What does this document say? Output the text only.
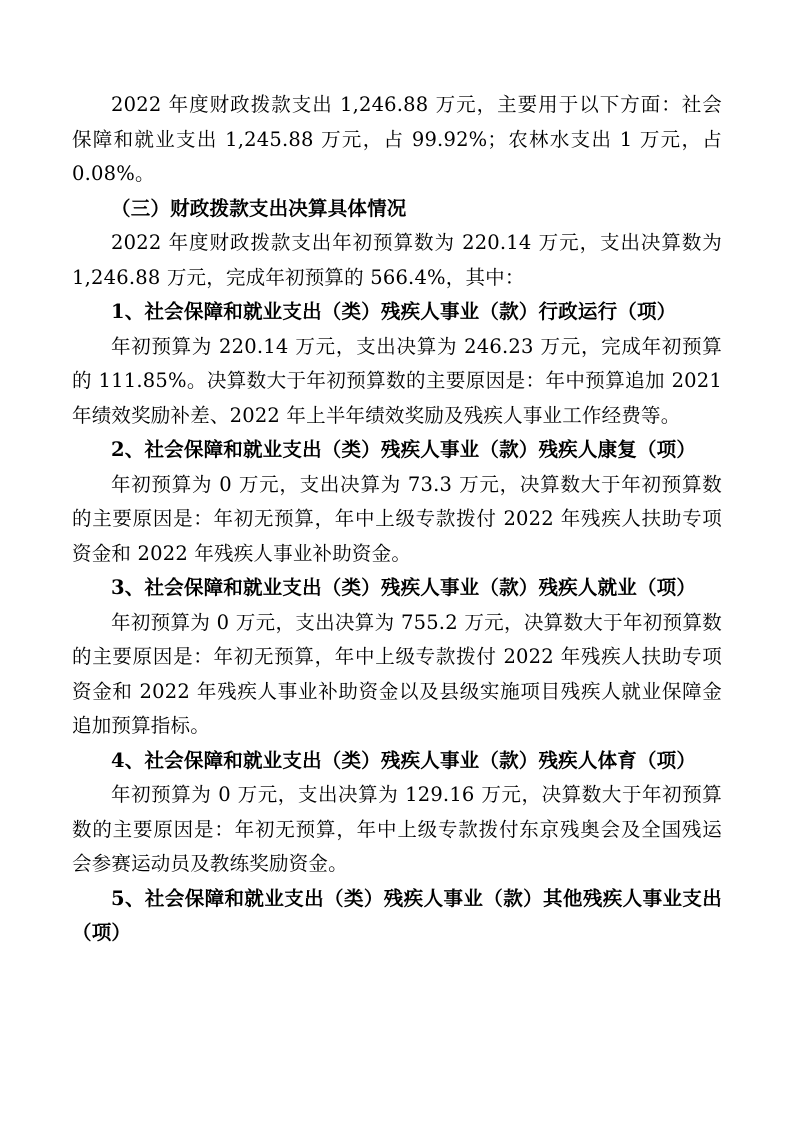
2022 年度财政拨款支出 1,246.88 万元，主要用于以下方面：社会保障和就业支出 1,245.88 万元，占 99.92%；农林水支出 1 万元，占 0.08%。

（三）财政拨款支出决算具体情况

2022 年度财政拨款支出年初预算数为 220.14 万元，支出决算数为 1,246.88 万元，完成年初预算的 566.4%，其中：

1、社会保障和就业支出（类）残疾人事业（款）行政运行（项）

年初预算为 220.14 万元，支出决算为 246.23 万元，完成年初预算的 111.85%。决算数大于年初预算数的主要原因是：年中预算追加 2021 年绩效奖励补差、2022 年上半年绩效奖励及残疾人事业工作经费等。

2、社会保障和就业支出（类）残疾人事业（款）残疾人康复（项）

年初预算为 0 万元，支出决算为 73.3 万元，决算数大于年初预算数的主要原因是：年初无预算，年中上级专款拨付 2022 年残疾人扶助专项资金和 2022 年残疾人事业补助资金。

3、社会保障和就业支出（类）残疾人事业（款）残疾人就业（项）

年初预算为 0 万元，支出决算为 755.2 万元，决算数大于年初预算数的主要原因是：年初无预算，年中上级专款拨付 2022 年残疾人扶助专项资金和 2022 年残疾人事业补助资金以及县级实施项目残疾人就业保障金追加预算指标。

4、社会保障和就业支出（类）残疾人事业（款）残疾人体育（项）

年初预算为 0 万元，支出决算为 129.16 万元，决算数大于年初预算数的主要原因是：年初无预算，年中上级专款拨付东京残奥会及全国残运会参赛运动员及教练奖励资金。

5、社会保障和就业支出（类）残疾人事业（款）其他残疾人事业支出（项）
